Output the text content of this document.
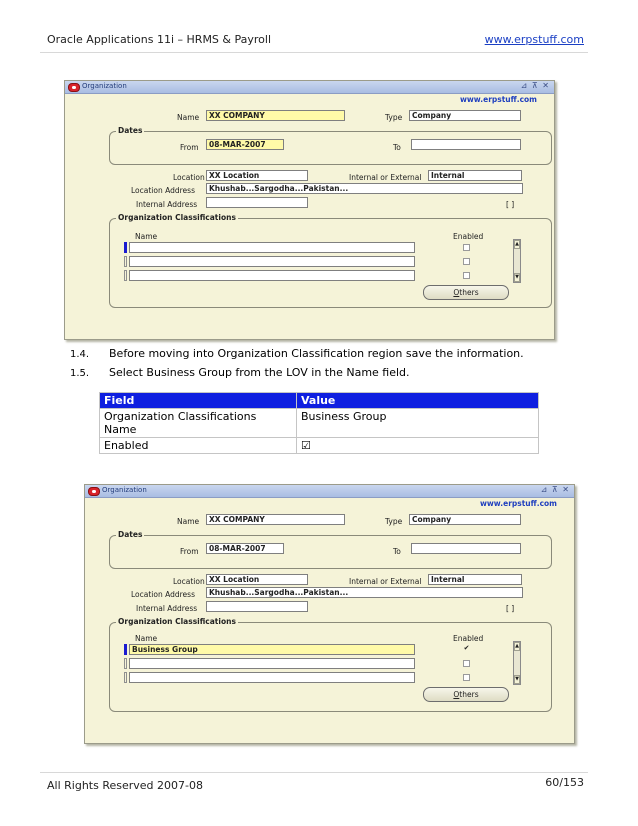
Oracle Applications 11i – HRMS & Payroll	www.erpstuff.com
Organization	⊿ ⊼ ✕
www.erpstuff.com
Name	XX COMPANY	Type	Company
Dates
From	08-MAR-2007	To
Location XX Location	Internal or External	Internal
Location Address	Khushab...Sargodha...Pakistan...
Internal Address	[ ]
Organization Classifications
Name	Enabled
▲
▼
Others
1.4. Before moving into Organization Classification region save the information.
1.5. Select Business Group from the LOV in the Name field.
Field	Value
Organization Classifications Name	Business Group
Enabled	☑
Organization	⊿ ⊼ ✕
www.erpstuff.com
Name	XX COMPANY	Type	Company
Dates
From	08-MAR-2007	To
Location XX Location	Internal or External	Internal
Location Address	Khushab...Sargodha...Pakistan...
Internal Address	[ ]
Organization Classifications
Name	Enabled
Business Group	✔	▲
▼
Others
All Rights Reserved 2007-08	60/153
